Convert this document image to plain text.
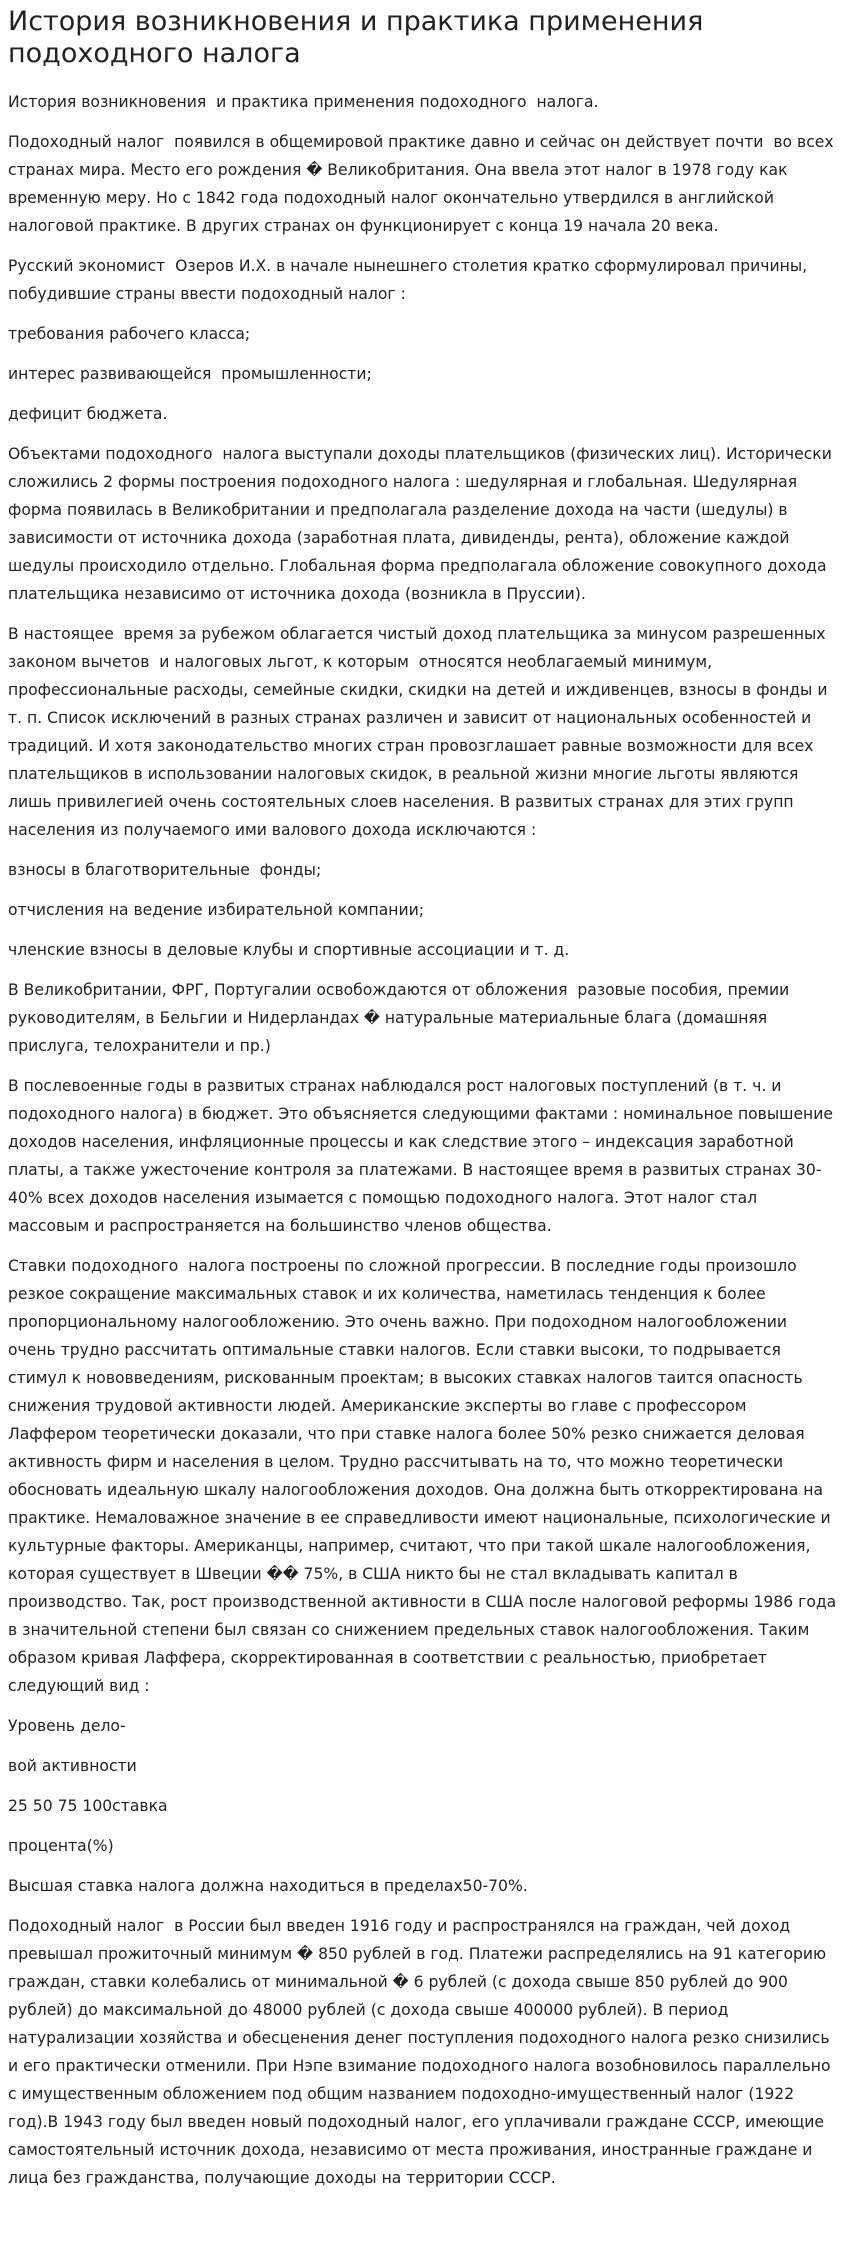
История возникновения и практика применения подоходного налога

История возникновения  и практика применения подоходного  налога.

Подоходный налог  появился в общемировой практике давно и сейчас он действует почти  во всех странах мира. Место его рождения � Великобритания. Она ввела этот налог в 1978 году как временную меру. Но с 1842 года подоходный налог окончательно утвердился в английской налоговой практике. В других странах он функционирует с конца 19 начала 20 века.

Русский экономист  Озеров И.Х. в начале нынешнего столетия кратко сформулировал причины, побудившие страны ввести подоходный налог :

требования рабочего класса;

интерес развивающейся  промышленности;

дефицит бюджета.

Объектами подоходного  налога выступали доходы плательщиков (физических лиц). Исторически сложились 2 формы построения подоходного налога : шедулярная и глобальная. Шедулярная форма появилась в Великобритании и предполагала разделение дохода на части (шедулы) в зависимости от источника дохода (заработная плата, дивиденды, рента), обложение каждой шедулы происходило отдельно. Глобальная форма предполагала обложение совокупного дохода плательщика независимо от источника дохода (возникла в Пруссии).

В настоящее  время за рубежом облагается чистый доход плательщика за минусом разрешенных законом вычетов  и налоговых льгот, к которым  относятся необлагаемый минимум, профессиональные расходы, семейные скидки, скидки на детей и иждивенцев, взносы в фонды и т. п. Список исключений в разных странах различен и зависит от национальных особенностей и традиций. И хотя законодательство многих стран провозглашает равные возможности для всех плательщиков в использовании налоговых скидок, в реальной жизни многие льготы являются лишь привилегией очень состоятельных слоев населения. В развитых странах для этих групп населения из получаемого ими валового дохода исключаются :

взносы в благотворительные  фонды;

отчисления на ведение избирательной компании;

членские взносы в деловые клубы и спортивные ассоциации и т. д.

В Великобритании, ФРГ, Португалии освобождаются от обложения  разовые пособия, премии руководителям, в Бельгии и Нидерландах � натуральные материальные блага (домашняя прислуга, телохранители и пр.)

В послевоенные годы в развитых странах наблюдался рост налоговых поступлений (в т. ч. и подоходного налога) в бюджет. Это объясняется следующими фактами : номинальное повышение доходов населения, инфляционные процессы и как следствие этого – индексация заработной платы, а также ужесточение контроля за платежами. В настоящее время в развитых странах 30-40% всех доходов населения изымается с помощью подоходного налога. Этот налог стал массовым и распространяется на большинство членов общества.

Ставки подоходного  налога построены по сложной прогрессии. В последние годы произошло резкое сокращение максимальных ставок и их количества, наметилась тенденция к более пропорциональному налогообложению. Это очень важно. При подоходном налогообложении очень трудно рассчитать оптимальные ставки налогов. Если ставки высоки, то подрывается стимул к нововведениям, рискованным проектам; в высоких ставках налогов таится опасность снижения трудовой активности людей. Американские эксперты во главе с профессором Лаффером теоретически доказали, что при ставке налога более 50% резко снижается деловая активность фирм и населения в целом. Трудно рассчитывать на то, что можно теоретически обосновать идеальную шкалу налогообложения доходов. Она должна быть откорректирована на практике. Немаловажное значение в ее справедливости имеют национальные, психологические и культурные факторы. Американцы, например, считают, что при такой шкале налогообложения, которая существует в Швеции �� 75%, в США никто бы не стал вкладывать капитал в производство. Так, рост производственной активности в США после налоговой реформы 1986 года в значительной степени был связан со снижением предельных ставок налогообложения. Таким образом кривая Лаффера, скорректированная в соответствии с реальностью, приобретает следующий вид :

Уровень дело-

вой активности

25 50 75 100ставка

процента(%)

Высшая ставка налога должна находиться в пределах50-70%.

Подоходный налог  в России был введен 1916 году и распространялся на граждан, чей доход превышал прожиточный минимум � 850 рублей в год. Платежи распределялись на 91 категорию граждан, ставки колебались от минимальной � 6 рублей (с дохода свыше 850 рублей до 900 рублей) до максимальной до 48000 рублей (с дохода свыше 400000 рублей). В период натурализации хозяйства и обесценения денег поступления подоходного налога резко снизились и его практически отменили. При Нэпе взимание подоходного налога возобновилось параллельно с имущественным обложением под общим названием подоходно-имущественный налог (1922 год).В 1943 году был введен новый подоходный налог, его уплачивали граждане СССР, имеющие самостоятельный источник дохода, независимо от места проживания, иностранные граждане и лица без гражданства, получающие доходы на территории СССР.
